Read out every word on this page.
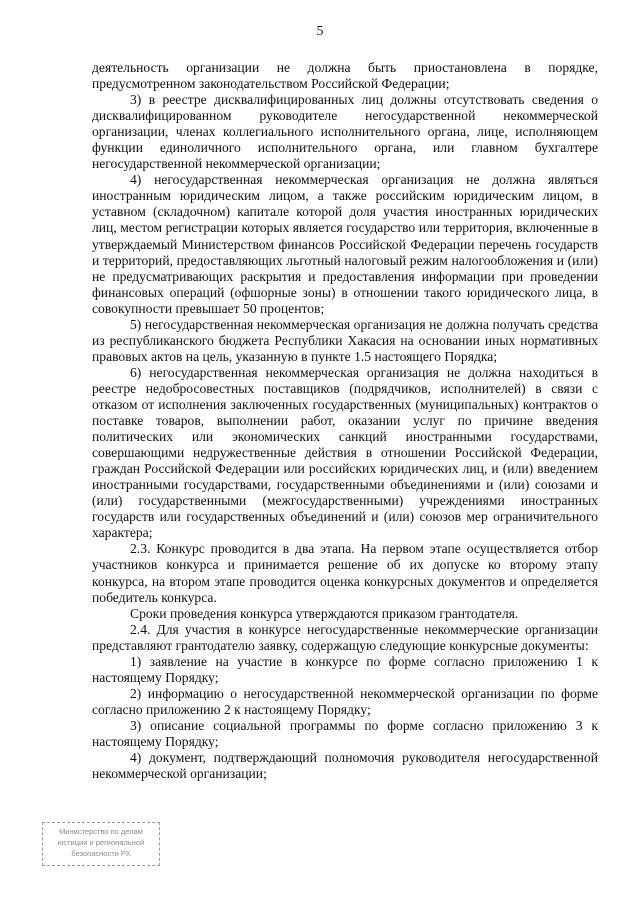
5

деятельность организации не должна быть приостановлена в порядке, предусмотренном законодательством Российской Федерации;

3) в реестре дисквалифицированных лиц должны отсутствовать сведения о дисквалифицированном руководителе негосударственной некоммерческой организации, членах коллегиального исполнительного органа, лице, исполняющем функции единоличного исполнительного органа, или главном бухгалтере негосударственной некоммерческой организации;

4) негосударственная некоммерческая организация не должна являться иностранным юридическим лицом, а также российским юридическим лицом, в уставном (складочном) капитале которой доля участия иностранных юридических лиц, местом регистрации которых является государство или территория, включенные в утверждаемый Министерством финансов Российской Федерации перечень государств и территорий, предоставляющих льготный налоговый режим налогообложения и (или) не предусматривающих раскрытия и предоставления информации при проведении финансовых операций (офшорные зоны) в отношении такого юридического лица, в совокупности превышает 50 процентов;

5) негосударственная некоммерческая организация не должна получать средства из республиканского бюджета Республики Хакасия на основании иных нормативных правовых актов на цель, указанную в пункте 1.5 настоящего Порядка;

6) негосударственная некоммерческая организация не должна находиться в реестре недобросовестных поставщиков (подрядчиков, исполнителей) в связи с отказом от исполнения заключенных государственных (муниципальных) контрактов о поставке товаров, выполнении работ, оказании услуг по причине введения политических или экономических санкций иностранными государствами, совершающими недружественные действия в отношении Российской Федерации, граждан Российской Федерации или российских юридических лиц, и (или) введением иностранными государствами, государственными объединениями и (или) союзами и (или) государственными (межгосударственными) учреждениями иностранных государств или государственных объединений и (или) союзов мер ограничительного характера;

2.3. Конкурс проводится в два этапа. На первом этапе осуществляется отбор участников конкурса и принимается решение об их допуске ко второму этапу конкурса, на втором этапе проводится оценка конкурсных документов и определяется победитель конкурса.

Сроки проведения конкурса утверждаются приказом грантодателя.

2.4. Для участия в конкурсе негосударственные некоммерческие организации представляют грантодателю заявку, содержащую следующие конкурсные документы:

1) заявление на участие в конкурсе по форме согласно приложению 1 к настоящему Порядку;

2) информацию о негосударственной некоммерческой организации по форме согласно приложению 2 к настоящему Порядку;

3) описание социальной программы по форме согласно приложению 3 к настоящему Порядку;

4) документ, подтверждающий полномочия руководителя негосударственной некоммерческой организации;

Министерство по делам
юстиции и региональной
безопасности РХ
